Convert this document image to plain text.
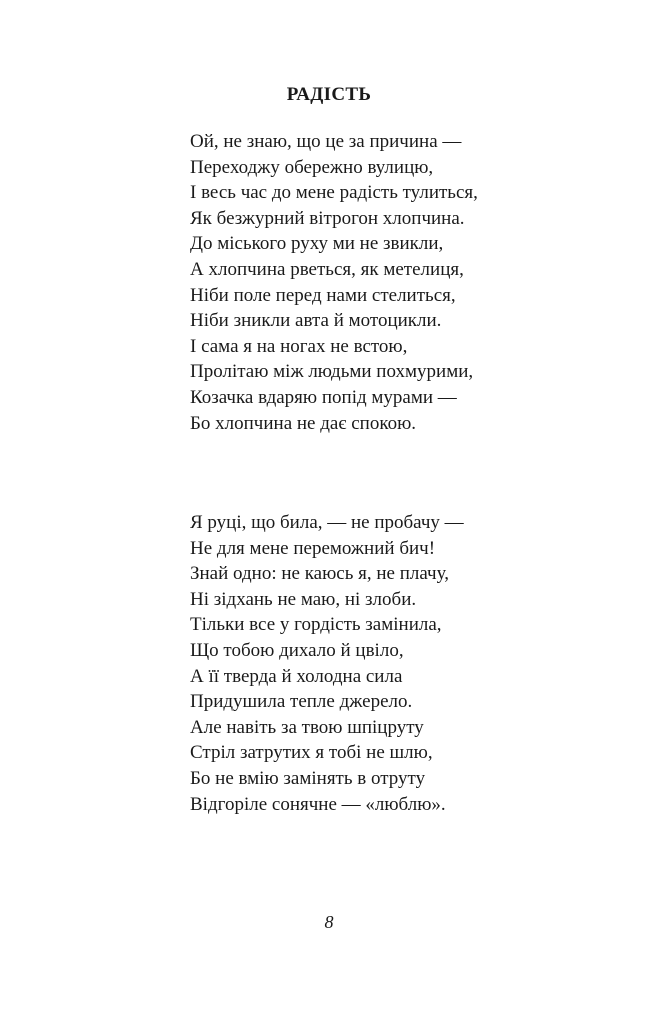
РАДІСТЬ
Ой, не знаю, що це за причина —
Переходжу обережно вулицю,
І весь час до мене радість тулиться,
Як безжурний вітрогон хлопчина.
До міського руху ми не звикли,
А хлопчина рветься, як метелиця,
Ніби поле перед нами стелиться,
Ніби зникли авта й мотоцикли.
І сама я на ногах не встою,
Пролітаю між людьми похмурими,
Козачка вдаряю попід мурами —
Бо хлопчина не дає спокою.
Я руці, що била, — не пробачу —
Не для мене переможний бич!
Знай одно: не каюсь я, не плачу,
Ні зідхань не маю, ні злоби.
Тільки все у гордість замінила,
Що тобою дихало й цвіло,
А її тверда й холодна сила
Придушила тепле джерело.
Але навіть за твою шпіцруту
Стріл затрутих я тобі не шлю,
Бо не вмію замінять в отруту
Відгоріле сонячне — «люблю».

8
